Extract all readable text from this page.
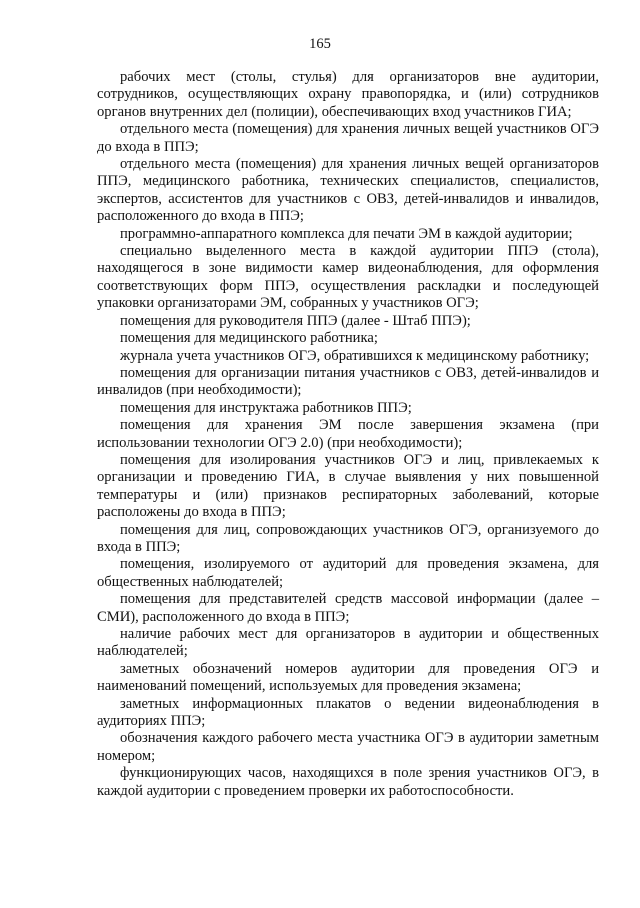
165

рабочих мест (столы, стулья) для организаторов вне аудитории, сотрудников, осуществляющих охрану правопорядка, и (или) сотрудников органов внутренних дел (полиции), обеспечивающих вход участников ГИА;

отдельного места (помещения) для хранения личных вещей участников ОГЭ до входа в ППЭ;

отдельного места (помещения) для хранения личных вещей организаторов ППЭ, медицинского работника, технических специалистов, специалистов, экспертов, ассистентов для участников с ОВЗ, детей-инвалидов и инвалидов, расположенного до входа в ППЭ;

программно-аппаратного комплекса для печати ЭМ в каждой аудитории;

специально выделенного места в каждой аудитории ППЭ (стола), находящегося в зоне видимости камер видеонаблюдения, для оформления соответствующих форм ППЭ, осуществления раскладки и последующей упаковки организаторами ЭМ, собранных у участников ОГЭ;

помещения для руководителя ППЭ (далее - Штаб ППЭ);

помещения для медицинского работника;

журнала учета участников ОГЭ, обратившихся к медицинскому работнику;

помещения для организации питания участников с ОВЗ, детей-инвалидов и инвалидов (при необходимости);

помещения для инструктажа работников ППЭ;

помещения для хранения ЭМ после завершения экзамена (при использовании технологии ОГЭ 2.0) (при необходимости);

помещения для изолирования участников ОГЭ и лиц, привлекаемых к организации и проведению ГИА, в случае выявления у них повышенной температуры и (или) признаков респираторных заболеваний, которые расположены до входа в ППЭ;

помещения для лиц, сопровождающих участников ОГЭ, организуемого до входа в ППЭ;

помещения, изолируемого от аудиторий для проведения экзамена, для общественных наблюдателей;

помещения для представителей средств массовой информации (далее – СМИ), расположенного до входа в ППЭ;

наличие рабочих мест для организаторов в аудитории и общественных наблюдателей;

заметных обозначений номеров аудитории для проведения ОГЭ и наименований помещений, используемых для проведения экзамена;

заметных информационных плакатов о ведении видеонаблюдения в аудиториях ППЭ;

обозначения каждого рабочего места участника ОГЭ в аудитории заметным номером;

функционирующих часов, находящихся в поле зрения участников ОГЭ, в каждой аудитории с проведением проверки их работоспособности.
